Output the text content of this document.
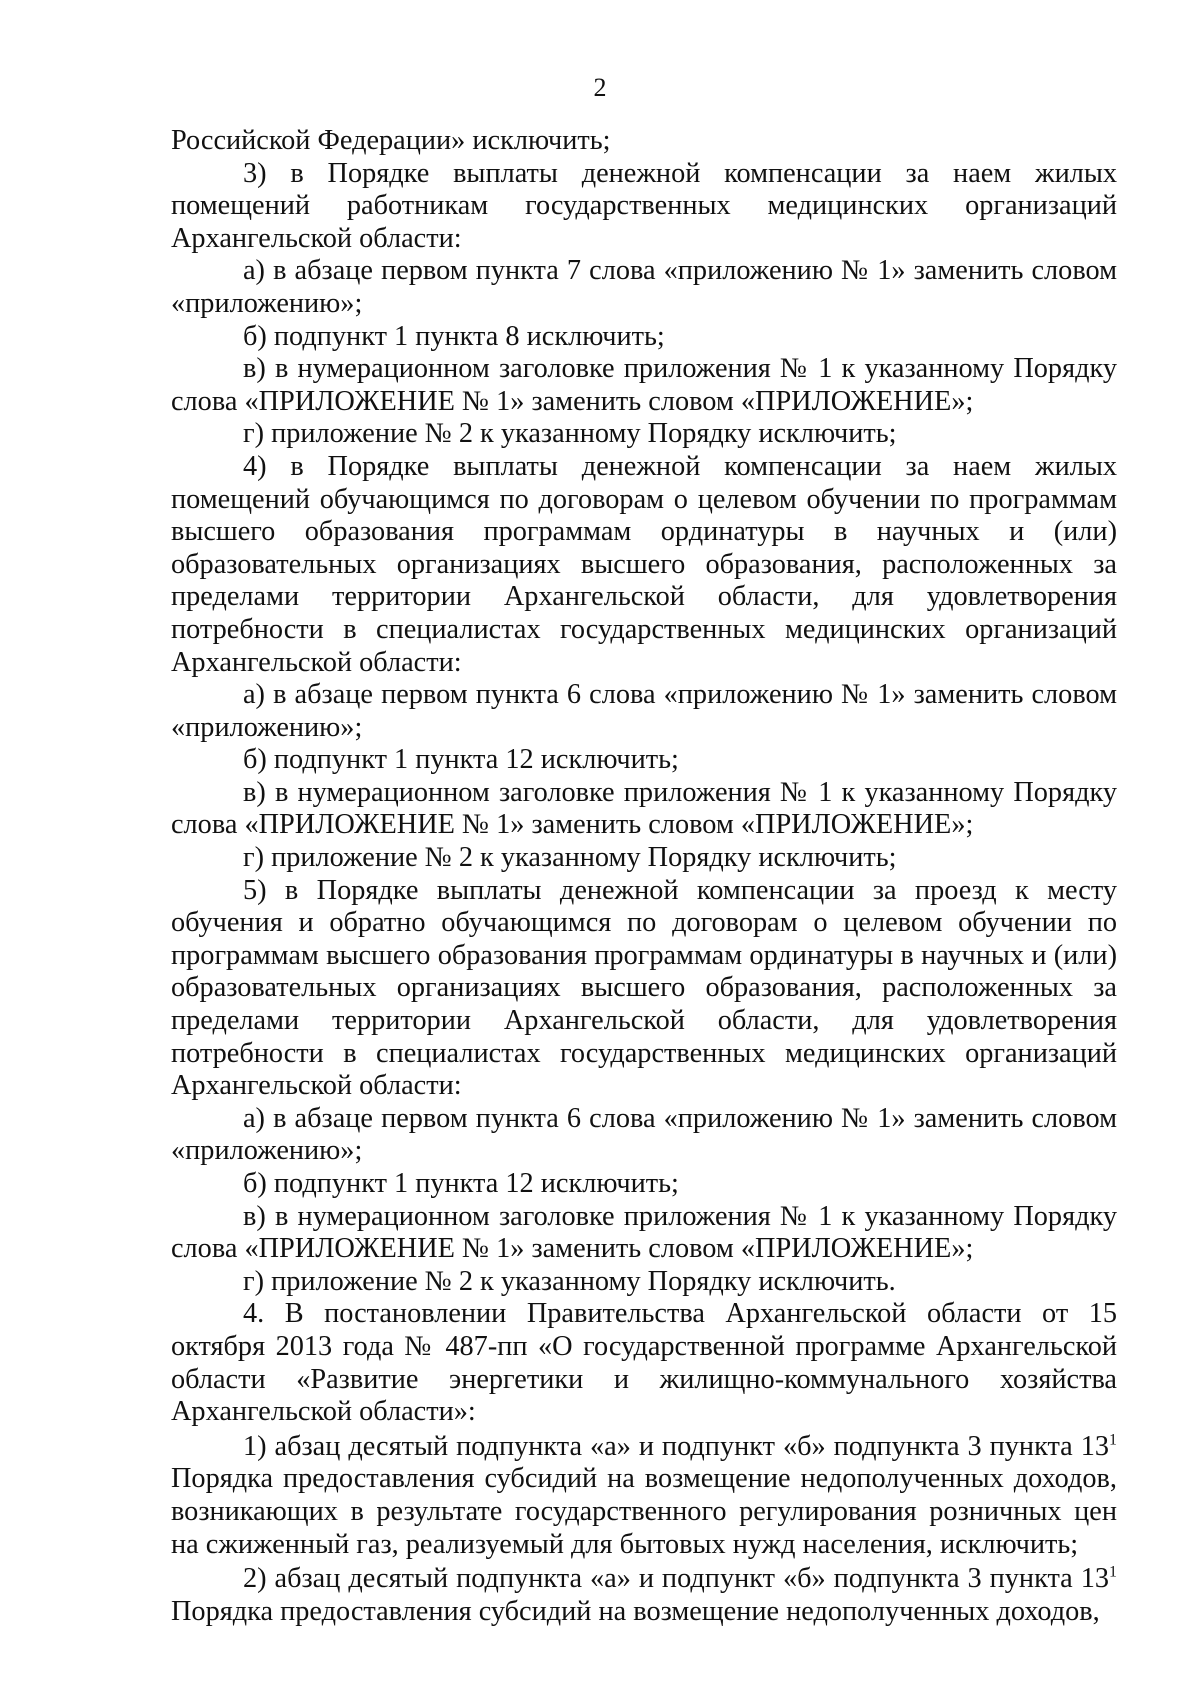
2

Российской Федерации» исключить;

3) в Порядке выплаты денежной компенсации за наем жилых помещений работникам государственных медицинских организаций Архангельской области:

а) в абзаце первом пункта 7 слова «приложению № 1» заменить словом «приложению»;

б) подпункт 1 пункта 8 исключить;

в) в нумерационном заголовке приложения № 1 к указанному Порядку слова «ПРИЛОЖЕНИЕ № 1» заменить словом «ПРИЛОЖЕНИЕ»;

г) приложение № 2 к указанному Порядку исключить;

4) в Порядке выплаты денежной компенсации за наем жилых помещений обучающимся по договорам о целевом обучении по программам высшего образования программам ординатуры в научных и (или) образовательных организациях высшего образования, расположенных за пределами территории Архангельской области, для удовлетворения потребности в специалистах государственных медицинских организаций Архангельской области:

а) в абзаце первом пункта 6 слова «приложению № 1» заменить словом «приложению»;

б) подпункт 1 пункта 12 исключить;

в) в нумерационном заголовке приложения № 1 к указанному Порядку слова «ПРИЛОЖЕНИЕ № 1» заменить словом «ПРИЛОЖЕНИЕ»;

г) приложение № 2 к указанному Порядку исключить;

5) в Порядке выплаты денежной компенсации за проезд к месту обучения и обратно обучающимся по договорам о целевом обучении по программам высшего образования программам ординатуры в научных и (или) образовательных организациях высшего образования, расположенных за пределами территории Архангельской области, для удовлетворения потребности в специалистах государственных медицинских организаций Архангельской области:

а) в абзаце первом пункта 6 слова «приложению № 1» заменить словом «приложению»;

б) подпункт 1 пункта 12 исключить;

в) в нумерационном заголовке приложения № 1 к указанному Порядку слова «ПРИЛОЖЕНИЕ № 1» заменить словом «ПРИЛОЖЕНИЕ»;

г) приложение № 2 к указанному Порядку исключить.

4. В постановлении Правительства Архангельской области от 15 октября 2013 года № 487-пп «О государственной программе Архангельской области «Развитие энергетики и жилищно-коммунального хозяйства Архангельской области»:

1) абзац десятый подпункта «а» и подпункт «б» подпункта 3 пункта $13^1$ Порядка предоставления субсидий на возмещение недополученных доходов, возникающих в результате государственного регулирования розничных цен на сжиженный газ, реализуемый для бытовых нужд населения, исключить;

2) абзац десятый подпункта «а» и подпункт «б» подпункта 3 пункта $13^1$ Порядка предоставления субсидий на возмещение недополученных доходов,
